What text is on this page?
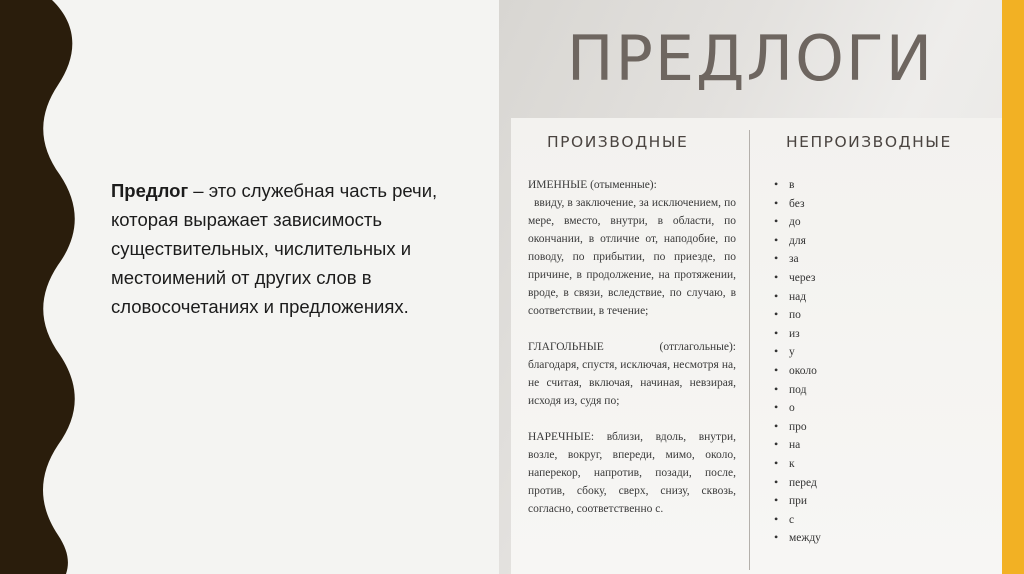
Предлог – это служебная часть речи, которая выражает зависимость существительных, числительных и местоимений от других слов в словосочетаниях и предложениях.
ПРЕДЛОГИ
ПРОИЗВОДНЫЕ	НЕПРОИЗВОДНЫЕ
ИМЕННЫЕ (отыменные):
ввиду, в заключение, за исключением, по мере, вместо, внутри, в области, по окончании, в отличие от, наподобие, по поводу, по прибытии, по приезде, по причине, в продолжение, на протяжении, вроде, в связи, вследствие, по случаю, в соответствии, в течение;
ГЛАГОЛЬНЫЕ	(отглагольные):
благодаря, спустя, исключая, несмотря на, не считая, включая, начиная, невзирая, исходя из, судя по;
НАРЕЧНЫЕ: вблизи, вдоль, внутри, возле, вокруг, впереди, мимо, около, наперекор, напротив, позади, после, против, сбоку, сверх, снизу, сквозь, согласно, соответственно с.
• в
• без
• до
• для
• за
• через
• над
• по
• из
• у
• около
• под
• о
• про
• на
• к
• перед
• при
• с
• между
